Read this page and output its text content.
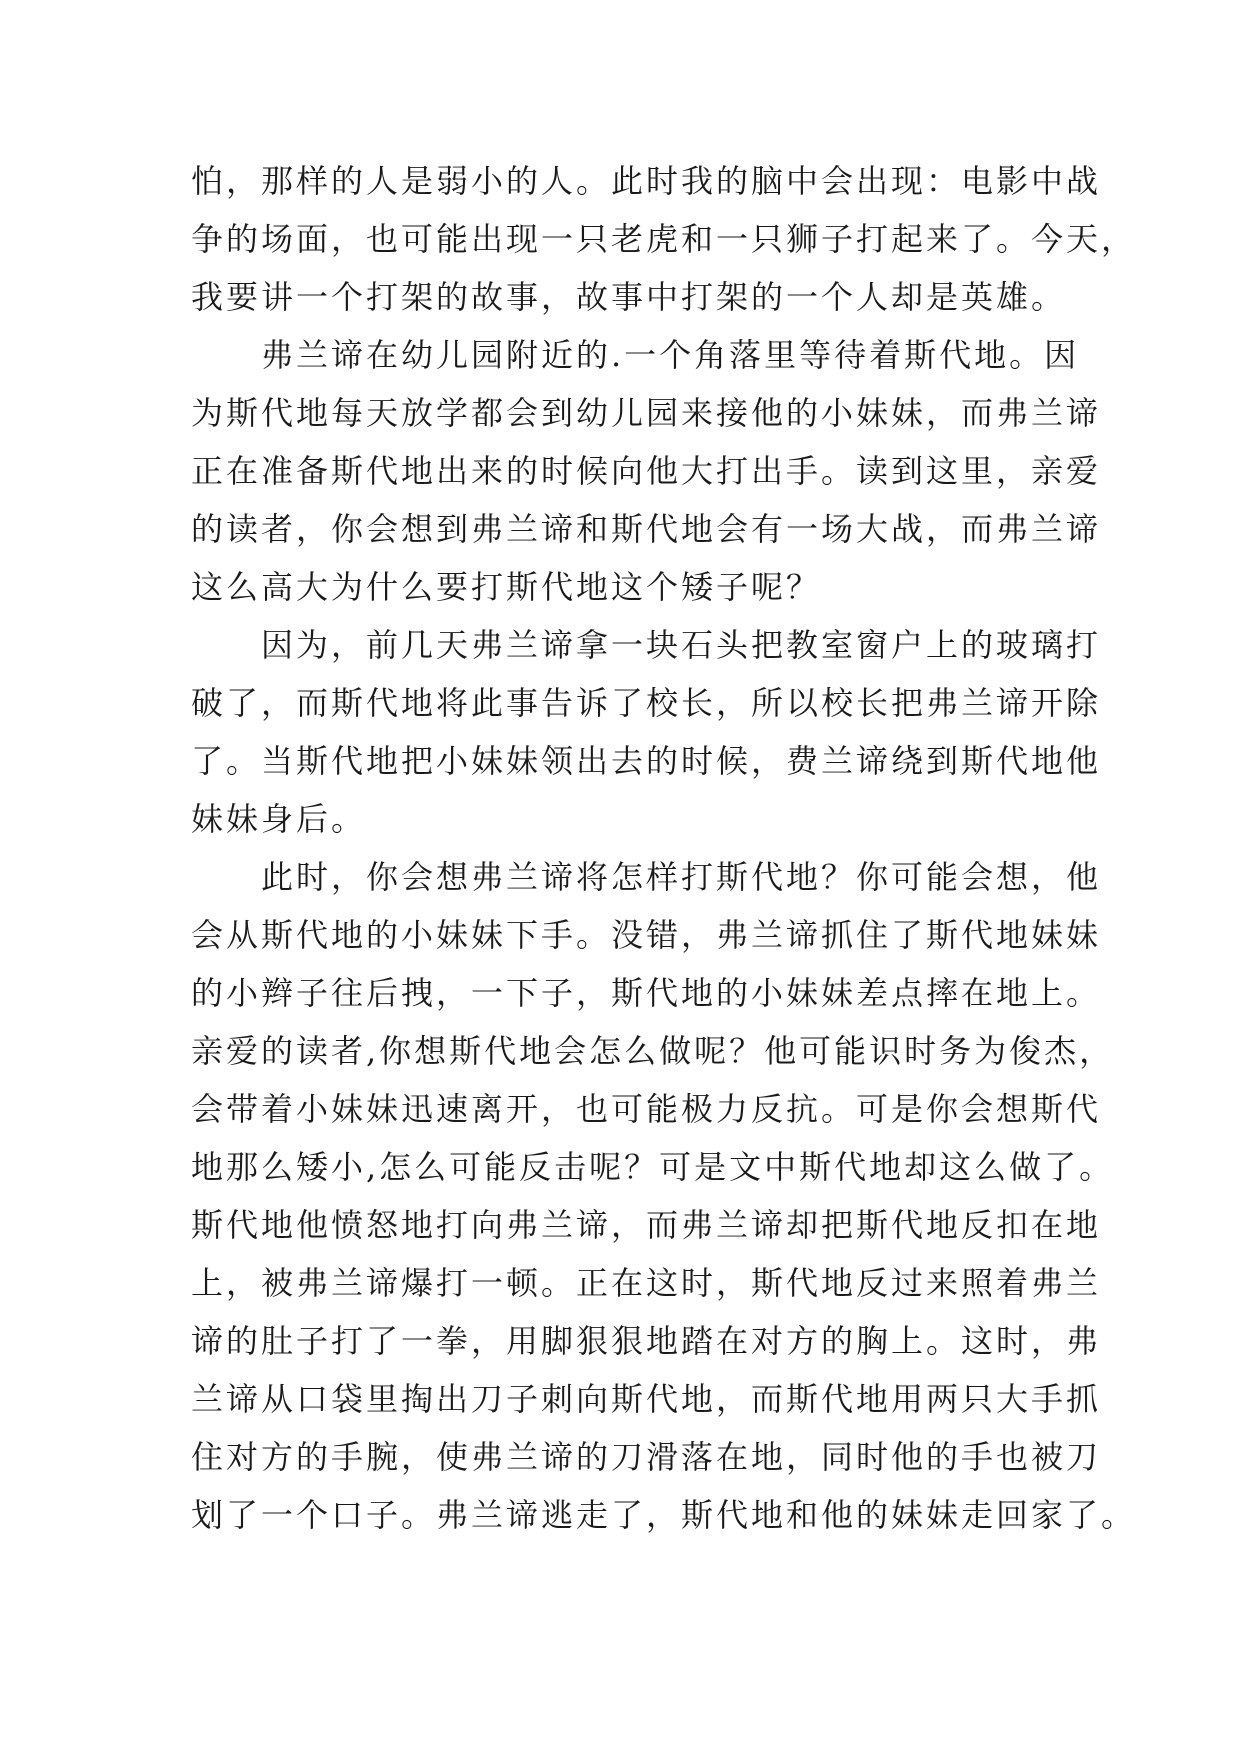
怕，那样的人是弱小的人。此时我的脑中会出现：电影中战
争的场面，也可能出现一只老虎和一只狮子打起来了。今天，
我要讲一个打架的故事，故事中打架的一个人却是英雄。
　　弗兰谛在幼儿园附近的.一个角落里等待着斯代地。因
为斯代地每天放学都会到幼儿园来接他的小妹妹，而弗兰谛
正在准备斯代地出来的时候向他大打出手。读到这里，亲爱
的读者，你会想到弗兰谛和斯代地会有一场大战，而弗兰谛
这么高大为什么要打斯代地这个矮子呢？
　　因为，前几天弗兰谛拿一块石头把教室窗户上的玻璃打
破了，而斯代地将此事告诉了校长，所以校长把弗兰谛开除
了。当斯代地把小妹妹领出去的时候，费兰谛绕到斯代地他
妹妹身后。
　　此时，你会想弗兰谛将怎样打斯代地？你可能会想，他
会从斯代地的小妹妹下手。没错，弗兰谛抓住了斯代地妹妹
的小辫子往后拽，一下子，斯代地的小妹妹差点摔在地上。
亲爱的读者,你想斯代地会怎么做呢？他可能识时务为俊杰，
会带着小妹妹迅速离开，也可能极力反抗。可是你会想斯代
地那么矮小,怎么可能反击呢？可是文中斯代地却这么做了。
斯代地他愤怒地打向弗兰谛，而弗兰谛却把斯代地反扣在地
上，被弗兰谛爆打一顿。正在这时，斯代地反过来照着弗兰
谛的肚子打了一拳，用脚狠狠地踏在对方的胸上。这时，弗
兰谛从口袋里掏出刀子刺向斯代地，而斯代地用两只大手抓
住对方的手腕，使弗兰谛的刀滑落在地，同时他的手也被刀
划了一个口子。弗兰谛逃走了，斯代地和他的妹妹走回家了。
